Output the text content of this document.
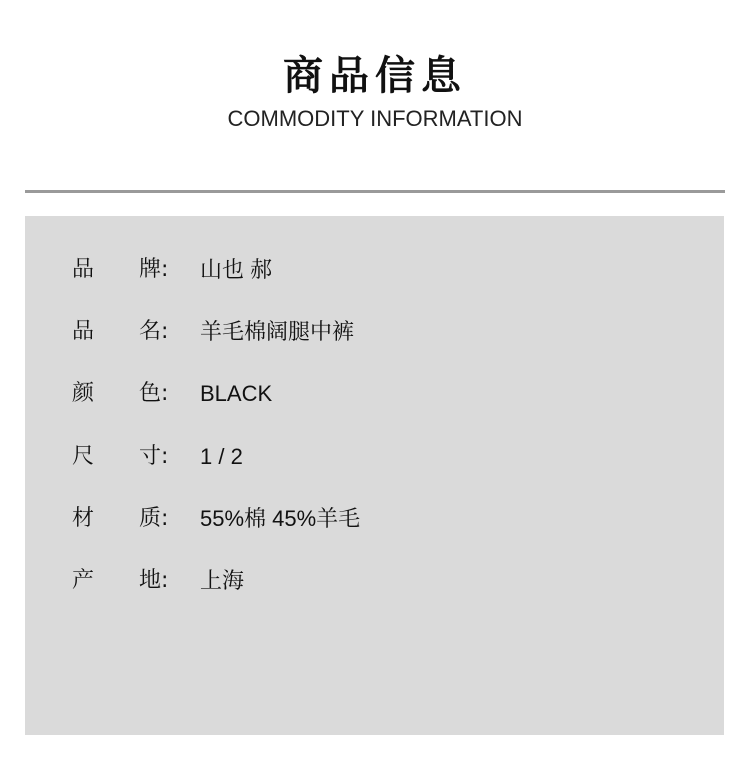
商品信息
COMMODITY INFORMATION
品	牌:	山也 郝
品	名:	羊毛棉阔腿中裤
颜	色:	BLACK
尺	寸:	1 / 2
材	质:	55%棉 45%羊毛
产	地:	上海
